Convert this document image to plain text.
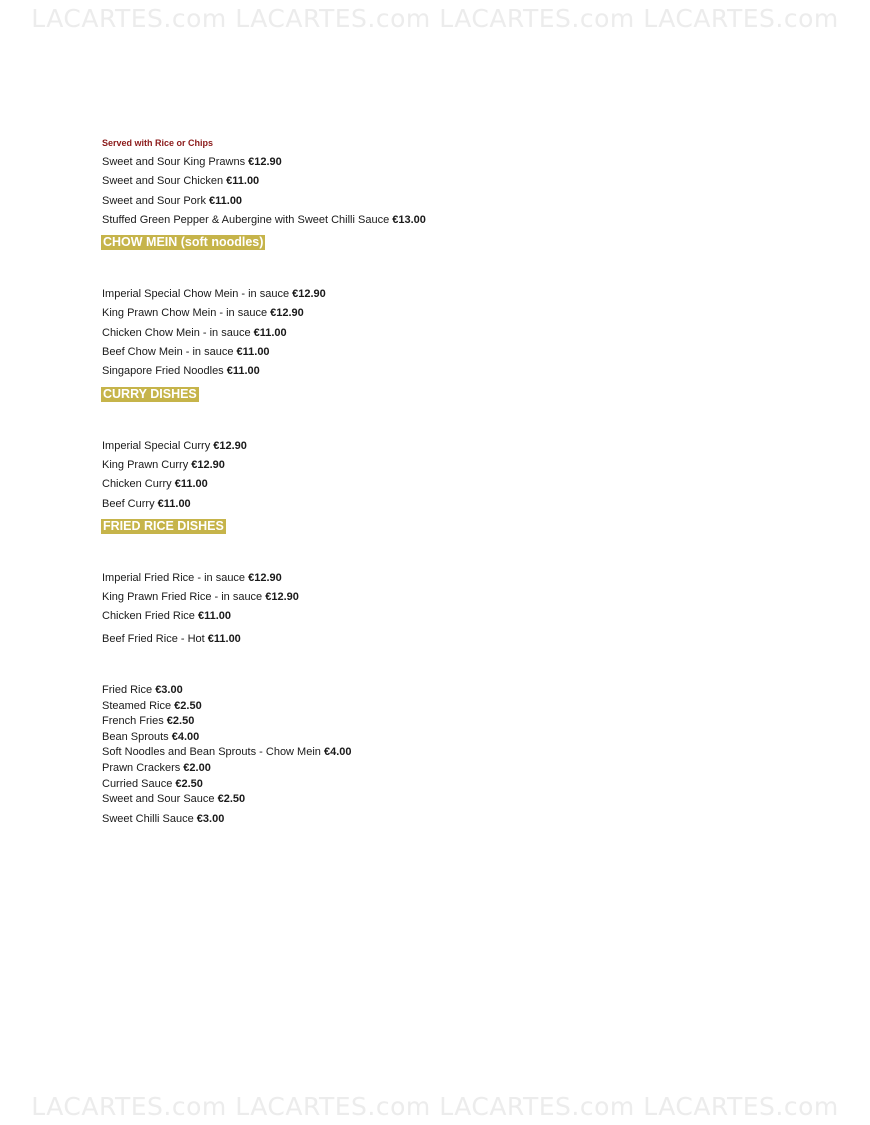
LACARTES.com LACARTES.com LACARTES.com LACARTES.com
Served with Rice or Chips
Sweet and Sour King Prawns €12.90
Sweet and Sour Chicken €11.00
Sweet and Sour Pork €11.00
Stuffed Green Pepper & Aubergine with Sweet Chilli Sauce €13.00
CHOW MEIN (soft noodles)
Imperial Special Chow Mein - in sauce €12.90
King Prawn Chow Mein - in sauce €12.90
Chicken Chow Mein - in sauce €11.00
Beef Chow Mein - in sauce €11.00
Singapore Fried Noodles €11.00
CURRY DISHES
Imperial Special Curry €12.90
King Prawn Curry €12.90
Chicken Curry €11.00
Beef Curry €11.00
FRIED RICE DISHES
Imperial Fried Rice - in sauce €12.90
King Prawn Fried Rice - in sauce €12.90
Chicken Fried Rice €11.00
Beef Fried Rice - Hot €11.00
Fried Rice €3.00
Steamed Rice €2.50
French Fries €2.50
Bean Sprouts €4.00
Soft Noodles and Bean Sprouts - Chow Mein €4.00
Prawn Crackers €2.00
Curried Sauce €2.50
Sweet and Sour Sauce €2.50
Sweet Chilli Sauce €3.00
LACARTES.com LACARTES.com LACARTES.com LACARTES.com
